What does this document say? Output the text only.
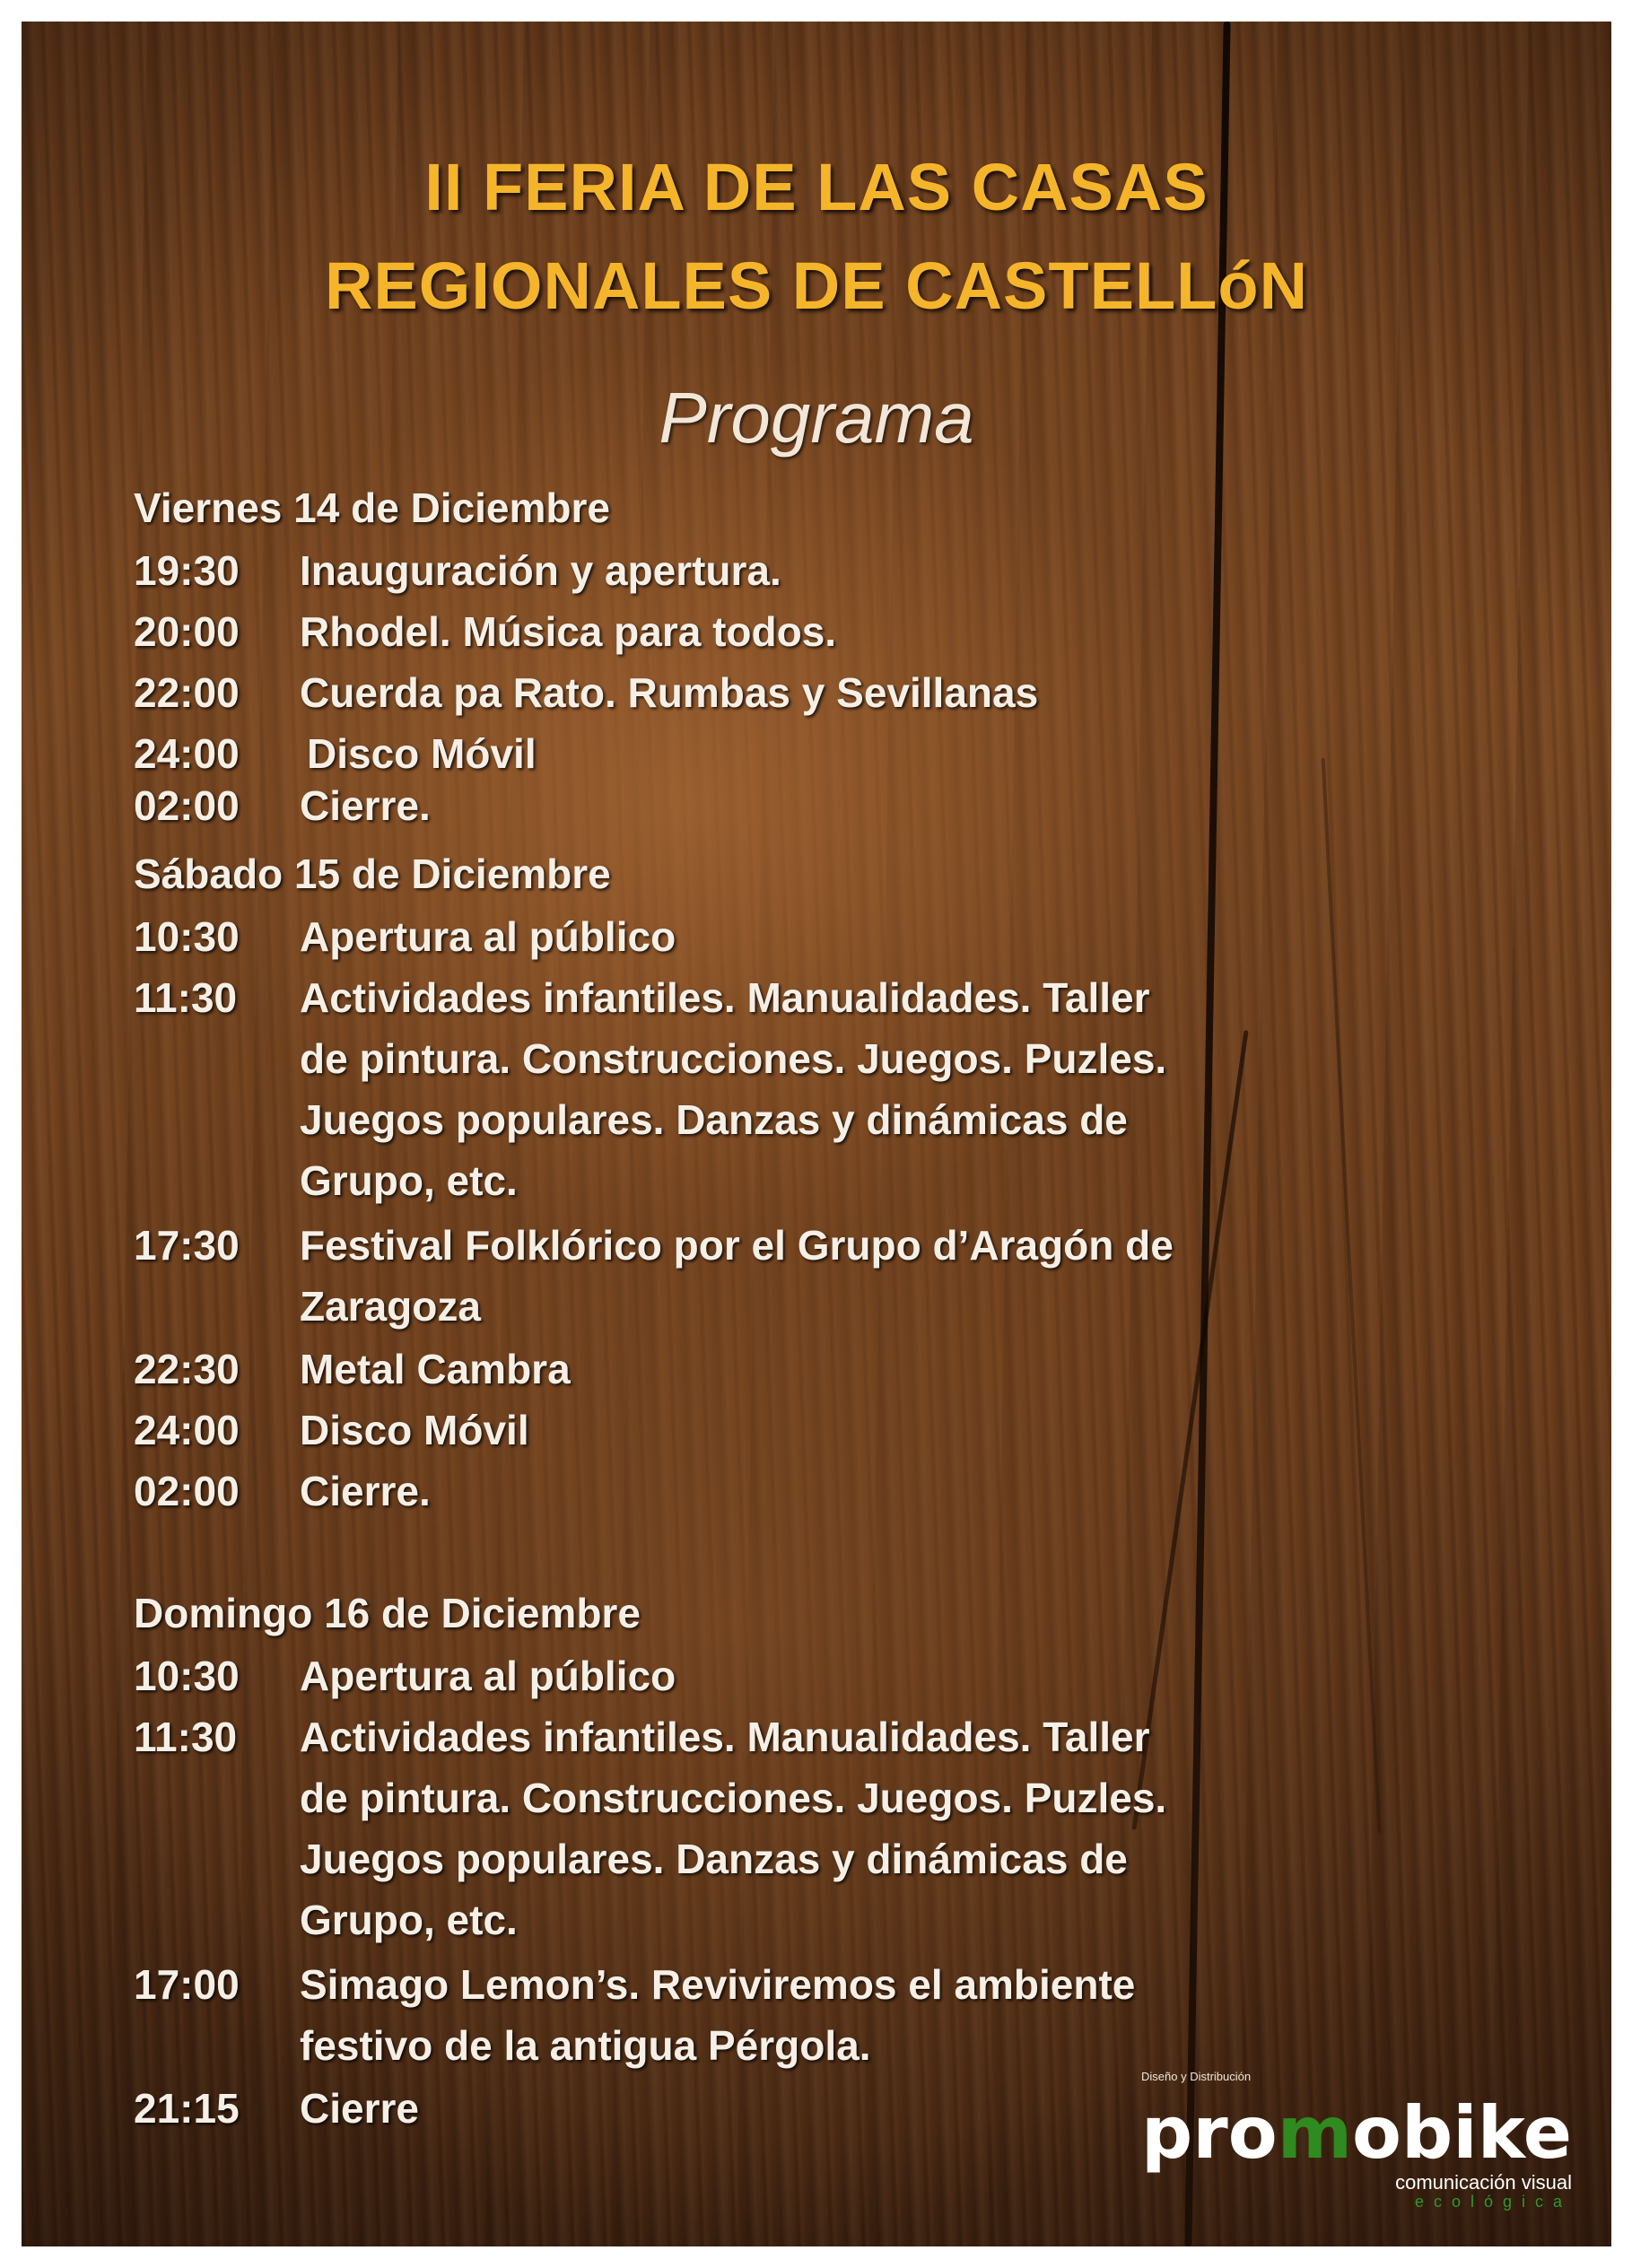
II FERIA DE LAS CASAS
REGIONALES DE CASTELLóN
Programa
Viernes 14 de Diciembre
19:30 Inauguración y apertura.
20:00 Rhodel. Música para todos.
22:00 Cuerda pa Rato. Rumbas y Sevillanas
24:00 Disco Móvil
02:00 Cierre.
Sábado 15 de Diciembre
10:30 Apertura al público
11:30 Actividades infantiles. Manualidades. Taller de pintura. Construcciones. Juegos. Puzles. Juegos populares. Danzas y dinámicas de Grupo, etc.
17:30 Festival Folklórico por el Grupo d’Aragón de Zaragoza
22:30 Metal Cambra
24:00 Disco Móvil
02:00 Cierre.
Domingo 16 de Diciembre
10:30 Apertura al público
11:30 Actividades infantiles. Manualidades. Taller de pintura. Construcciones. Juegos. Puzles. Juegos populares. Danzas y dinámicas de Grupo, etc.
17:00 Simago Lemon’s. Reviviremos el ambiente festivo de la antigua Pérgola.
21:15 Cierre
Diseño y Distribución
promobike
comunicación visual
ecológica
